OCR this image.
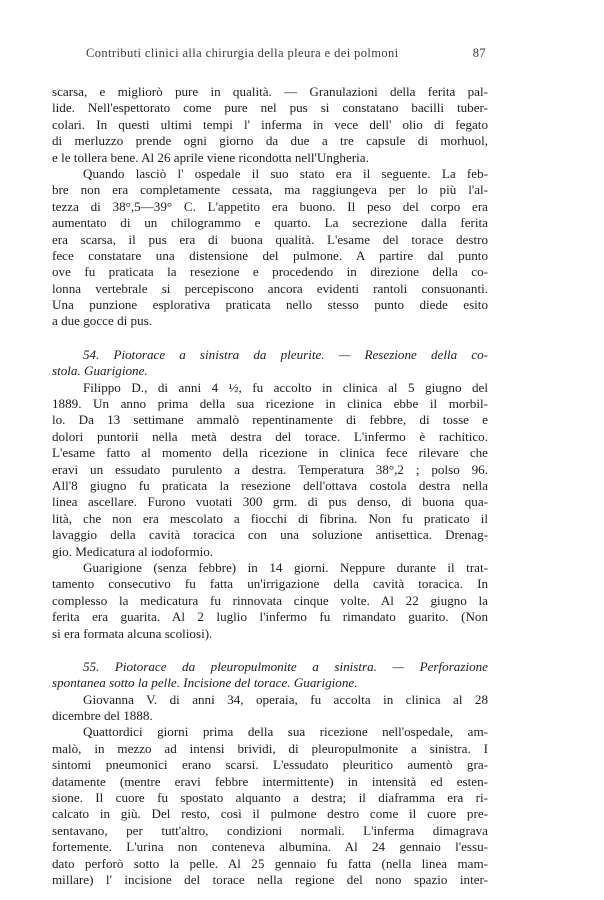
Contributi clinici alla chirurgia della pleura e dei polmoni	87
scarsa, e migliorò pure in qualità. — Granulazioni della ferita pal-
lide. Nell'espettorato come pure nel pus si constatano bacilli tuber-
colari. In questi ultimi tempi l' inferma in vece dell' olio di fegato
di merluzzo prende ogni giorno da due a tre capsule di morhuol,
e le tollera bene. Al 26 aprile viene ricondotta nell'Ungheria.
Quando lasciò l' ospedale il suo stato era il seguente. La feb-
bre non era completamente cessata, ma raggiungeva per lo più l'al-
tezza di 38°,5—39° C. L'appetito era buono. Il peso del corpo era
aumentato di un chilogrammo e quarto. La secrezione dalla ferita
era scarsa, il pus era di buona qualità. L'esame del torace destro
fece constatare una distensione del pulmone. A partire dal punto
ove fu praticata la resezione e procedendo in direzione della co-
lonna vertebrale si percepiscono ancora evidenti rantoli consuonanti.
Una punzione esplorativa praticata nello stesso punto diede esito
a due gocce di pus.
54. Piotorace a sinistra da pleurite. — Resezione della co-
stola. Guarigione.
Filippo D., di anni 4 ½, fu accolto in clinica al 5 giugno del
1889. Un anno prima della sua ricezione in clinica ebbe il morbil-
lo. Da 13 settimane ammalò repentinamente di febbre, di tosse e
dolori puntorii nella metà destra del torace. L'infermo è rachitico.
L'esame fatto al momento della ricezione in clinica fece rilevare che
eravi un essudato purulento a destra. Temperatura 38°,2 ; polso 96.
All'8 giugno fu praticata la resezione dell'ottava costola destra nella
linea ascellare. Furono vuotati 300 grm. di pus denso, di buona qua-
lità, che non era mescolato a fiocchi di fibrina. Non fu praticato il
lavaggio della cavità toracica con una soluzione antisettica. Drenag-
gio. Medicatura al iodoformio.
Guarigione (senza febbre) in 14 giorni. Neppure durante il trat-
tamento consecutivo fu fatta un'irrigazione della cavità toracica. In
complesso la medicatura fu rinnovata cinque volte. Al 22 giugno la
ferita era guarita. Al 2 luglio l'infermo fu rimandato guarito. (Non
si era formata alcuna scoliosi).
55. Piotorace da pleuropulmonite a sinistra. — Perforazione
spontanea sotto la pelle. Incisione del torace. Guarigione.
Giovanna V. di anni 34, operaia, fu accolta in clinica al 28
dicembre del 1888.
Quattordici giorni prima della sua ricezione nell'ospedale, am-
malò, in mezzo ad intensi brividi, di pleuropulmonite a sinistra. I
sintomi pneumonici erano scarsi. L'essudato pleuritico aumentò gra-
datamente (mentre eravi febbre intermittente) in intensità ed esten-
sione. Il cuore fu spostato alquanto a destra; il diaframma era ri-
calcato in giù. Del resto, così il pulmone destro come il cuore pre-
sentavano, per tutt'altro, condizioni normali. L'inferma dimagrava
fortemente. L'urina non conteneva albumina. Al 24 gennaio l'essu-
dato perforò sotto la pelle. Al 25 gennaio fu fatta (nella linea mam-
millare) l' incisione del torace nella regione del nono spazio inter-
